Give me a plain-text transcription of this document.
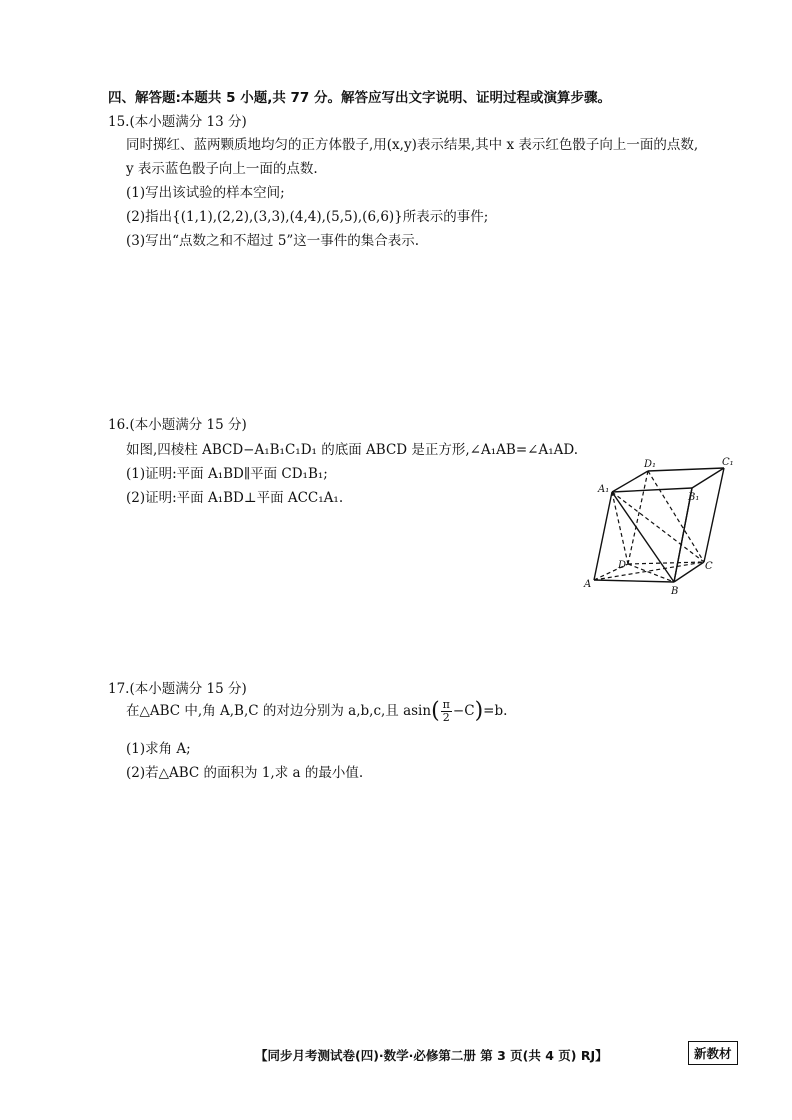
四、解答题:本题共 5 小题,共 77 分。解答应写出文字说明、证明过程或演算步骤。
15.(本小题满分 13 分)
同时掷红、蓝两颗质地均匀的正方体骰子,用(x,y)表示结果,其中 x 表示红色骰子向上一面的点数,
y 表示蓝色骰子向上一面的点数.
(1)写出该试验的样本空间;
(2)指出{(1,1),(2,2),(3,3),(4,4),(5,5),(6,6)}所表示的事件;
(3)写出“点数之和不超过 5”这一事件的集合表示.
16.(本小题满分 15 分)
如图,四棱柱 ABCD−A₁B₁C₁D₁ 的底面 ABCD 是正方形,∠A₁AB=∠A₁AD.
(1)证明:平面 A₁BD∥平面 CD₁B₁;
(2)证明:平面 A₁BD⊥平面 ACC₁A₁.
A₁
D₁	C₁
B₁
D	C
A
B
17.(本小题满分 15 分)
在△ABC 中,角 A,B,C 的对边分别为 a,b,c,且 $asin( \frac{\pi}{2} -C)=b$.
(1)求角 A;
(2)若△ABC 的面积为 1,求 a 的最小值.
【同步月考测试卷(四)·数学·必修第二册 第 3 页(共 4 页) RJ】	新教材
